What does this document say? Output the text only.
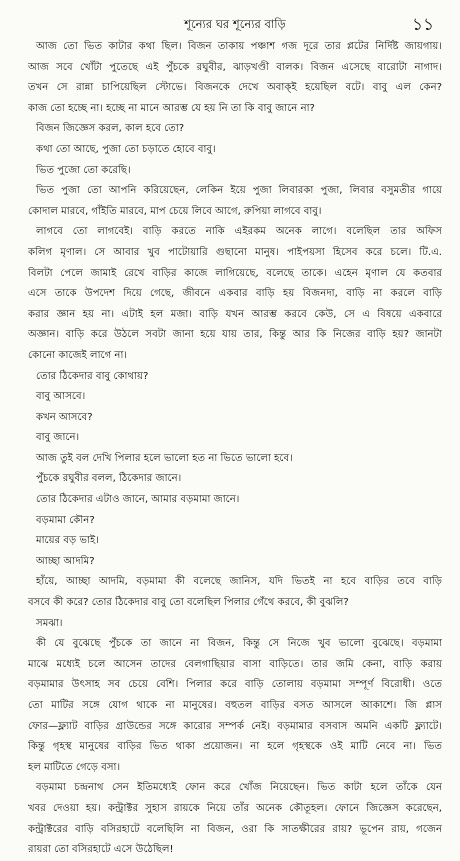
শূন্যের ঘর শূন্যের বাড়ি	১১
আজ তো ভিত কাটার কথা ছিল। বিজন তাকায় পঞ্চাশ গজ দূরে তার প্লটের নির্দিষ্ট জায়গায়।
আজ সবে খোঁটা পুতেছে এই পুঁচকে রঘুবীর, ঝাড়খণ্ডী বালক। বিজন এসেছে বারোটা নাগাদ।
তখন সে রান্না চাপিয়েছিল স্টোভে। বিজনকে দেখে অবাক্ই হয়েছিল বটে। বাবু এল কেন?
কাজ তো হচ্ছে না। হচ্ছে না মানে আরম্ভ যে হয় নি তা কি বাবু জানে না?
বিজন জিজ্ঞেস করল, কাল হবে তো?
কথা তো আছে, পুজা তো চড়াতে হোবে বাবু।
ভিত পুজো তো করেছি।
ভিত পুজা তো আপনি করিয়েছেন, লেকিন ইয়ে পুজা লিবারকা পুজা, লিবার বসুমতীর গায়ে
কোদাল মারবে, গাঁইতি মারবে, মাপ চেয়ে লিবে আগে, রুপিয়া লাগবে বাবু।
লাগবে তো লাগবেই। বাড়ি করতে নাকি এইরকম অনেক লাগে। বলেছিল তার অফিস
কলিগ মৃণাল। সে আবার খুব পাটোয়ারি গুছানো মানুষ। পাইপয়সা হিসেব করে চলে। টি.এ.
বিলটা পেলে জামাই রেখে বাড়ির কাজে লাগিয়েছে, বলেছে তাকে। এহেন মৃণাল যে কতবার
এসে তাকে উপদেশ দিয়ে গেছে, জীবনে একবার বাড়ি হয় বিজনদা, বাড়ি না করলে বাড়ি
করার জ্ঞান হয় না। এটাই হল মজা। বাড়ি যখন আরম্ভ করবে কেউ, সে এ বিষয়ে একবারে
অজ্ঞান। বাড়ি করে উঠলে সবটা জানা হয়ে যায় তার, কিন্তু আর কি নিজের বাড়ি হয়? জানটা
কোনো কাজেই লাগে না।
তোর ঠিকেদার বাবু কোথায়?
বাবু আসবে।
কখন আসবে?
বাবু জানে।
আজ তুই বল দেখি পিলার হলে ভালো হত না ভিতে ভালো হবে।
পুঁচকে রঘুবীর বলল, ঠিকেদার জানে।
তোর ঠিকেদার এটাও জানে, আমার বড়মামা জানে।
বড়মামা কৌন?
মায়ের বড় ভাই।
আচ্ছা আদমি?
হাঁয়ে, আচ্ছা আদমি, বড়মামা কী বলেছে জানিস, যদি ভিতই না হবে বাড়ির তবে বাড়ি
বসবে কী করে? তোর ঠিকেদার বাবু তো বলেছিল পিলার গেঁথে করবে, কী বুঝলি?
সমঝা।
কী যে বুঝেছে পুঁচকে তা জানে না বিজন, কিন্তু সে নিজে খুব ভালো বুঝেছে। বড়মামা
মাঝে মধ্যেই চলে আসেন তাদের বেলগাছিয়ার বাসা বাড়িতে। তার জমি কেনা, বাড়ি করায়
বড়মামার উৎসাহ সব চেয়ে বেশি। পিলার করে বাড়ি তোলায় বড়মামা সম্পূর্ণ বিরোধী। ওতে
তো মাটির সঙ্গে যোগ থাকে না মানুষের। বহুতল বাড়ির বসত আসলে আকাশে। জি প্লাস
ফোর—ফ্ল্যাট বাড়ির গ্রাউন্ডের সঙ্গে কারোর সম্পর্ক নেই। বড়মামার বসবাস অমনি একটি ফ্ল্যাটে।
কিন্তু গৃহস্থ মানুষের বাড়ির ভিত থাকা প্রয়োজন। না হলে গৃহস্থকে ওই মাটি নেবে না। ভিত
হল মাটিতে গেড়ে বসা।
বড়মামা চন্দ্রনাথ সেন ইতিমধ্যেই ফোন করে খোঁজ নিয়েছেন। ভিত কাটা হলে তাঁকে যেন
খবর দেওয়া হয়। কন্ট্রাক্টর সুহাস রায়কে নিয়ে তাঁর অনেক কৌতূহল। ফোনে জিজ্ঞেস করেছেন,
কন্ট্রাক্টরের বাড়ি বসিরহাটে বলেছিলি না বিজন, ওরা কি সাতক্ষীরের রায়? ভূপেন রায়, গজেন
রায়রা তো বসিরহাটে এসে উঠেছিল!
